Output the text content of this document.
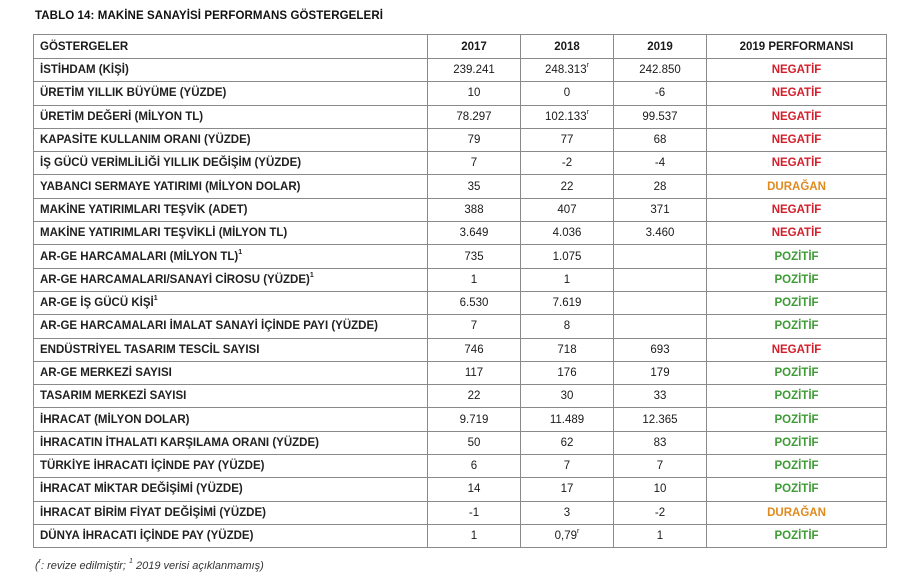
TABLO 14: MAKİNE SANAYİSİ PERFORMANS GÖSTERGELERİ
GÖSTERGELER	2017	2018	2019	2019 PERFORMANSI
İSTİHDAM (KİŞİ)	239.241	248.313$^r$	242.850	NEGATİF
ÜRETİM YILLIK BÜYÜME (YÜZDE)	10	0	-6	NEGATİF
ÜRETİM DEĞERİ (MİLYON TL)	78.297	102.133$^r$	99.537	NEGATİF
KAPASİTE KULLANIM ORANI (YÜZDE)	79	77	68	NEGATİF
İŞ GÜCÜ VERİMLİLİĞİ YILLIK DEĞİŞİM (YÜZDE)	7	-2	-4	NEGATİF
YABANCI SERMAYE YATIRIMI (MİLYON DOLAR)	35	22	28	DURAĞAN
MAKİNE YATIRIMLARI TEŞVİK (ADET)	388	407	371	NEGATİF
MAKİNE YATIRIMLARI TEŞVİKLİ (MİLYON TL)	3.649	4.036	3.460	NEGATİF
AR-GE HARCAMALARI (MİLYON TL)$^1$	735	1.075		POZİTİF
AR-GE HARCAMALARI/SANAYİ CİROSU (YÜZDE)$^1$	1	1		POZİTİF
AR-GE İŞ GÜCÜ KİŞİ$^1$	6.530	7.619		POZİTİF
AR-GE HARCAMALARI İMALAT SANAYİ İÇİNDE PAYI (YÜZDE)	7	8		POZİTİF
ENDÜSTRİYEL TASARIM TESCİL SAYISI	746	718	693	NEGATİF
AR-GE MERKEZİ SAYISI	117	176	179	POZİTİF
TASARIM MERKEZİ SAYISI	22	30	33	POZİTİF
İHRACAT (MİLYON DOLAR)	9.719	11.489	12.365	POZİTİF
İHRACATIN İTHALATI KARŞILAMA ORANI (YÜZDE)	50	62	83	POZİTİF
TÜRKİYE İHRACATI İÇİNDE PAY (YÜZDE)	6	7	7	POZİTİF
İHRACAT MİKTAR DEĞİŞİMİ (YÜZDE)	14	17	10	POZİTİF
İHRACAT BİRİM FİYAT DEĞİŞİMİ (YÜZDE)	-1	3	-2	DURAĞAN
DÜNYA İHRACATI İÇİNDE PAY (YÜZDE)	1	0,79$^r$	1	POZİTİF
($^r$: revize edilmiştir; $^1$ 2019 verisi açıklanmamış)
